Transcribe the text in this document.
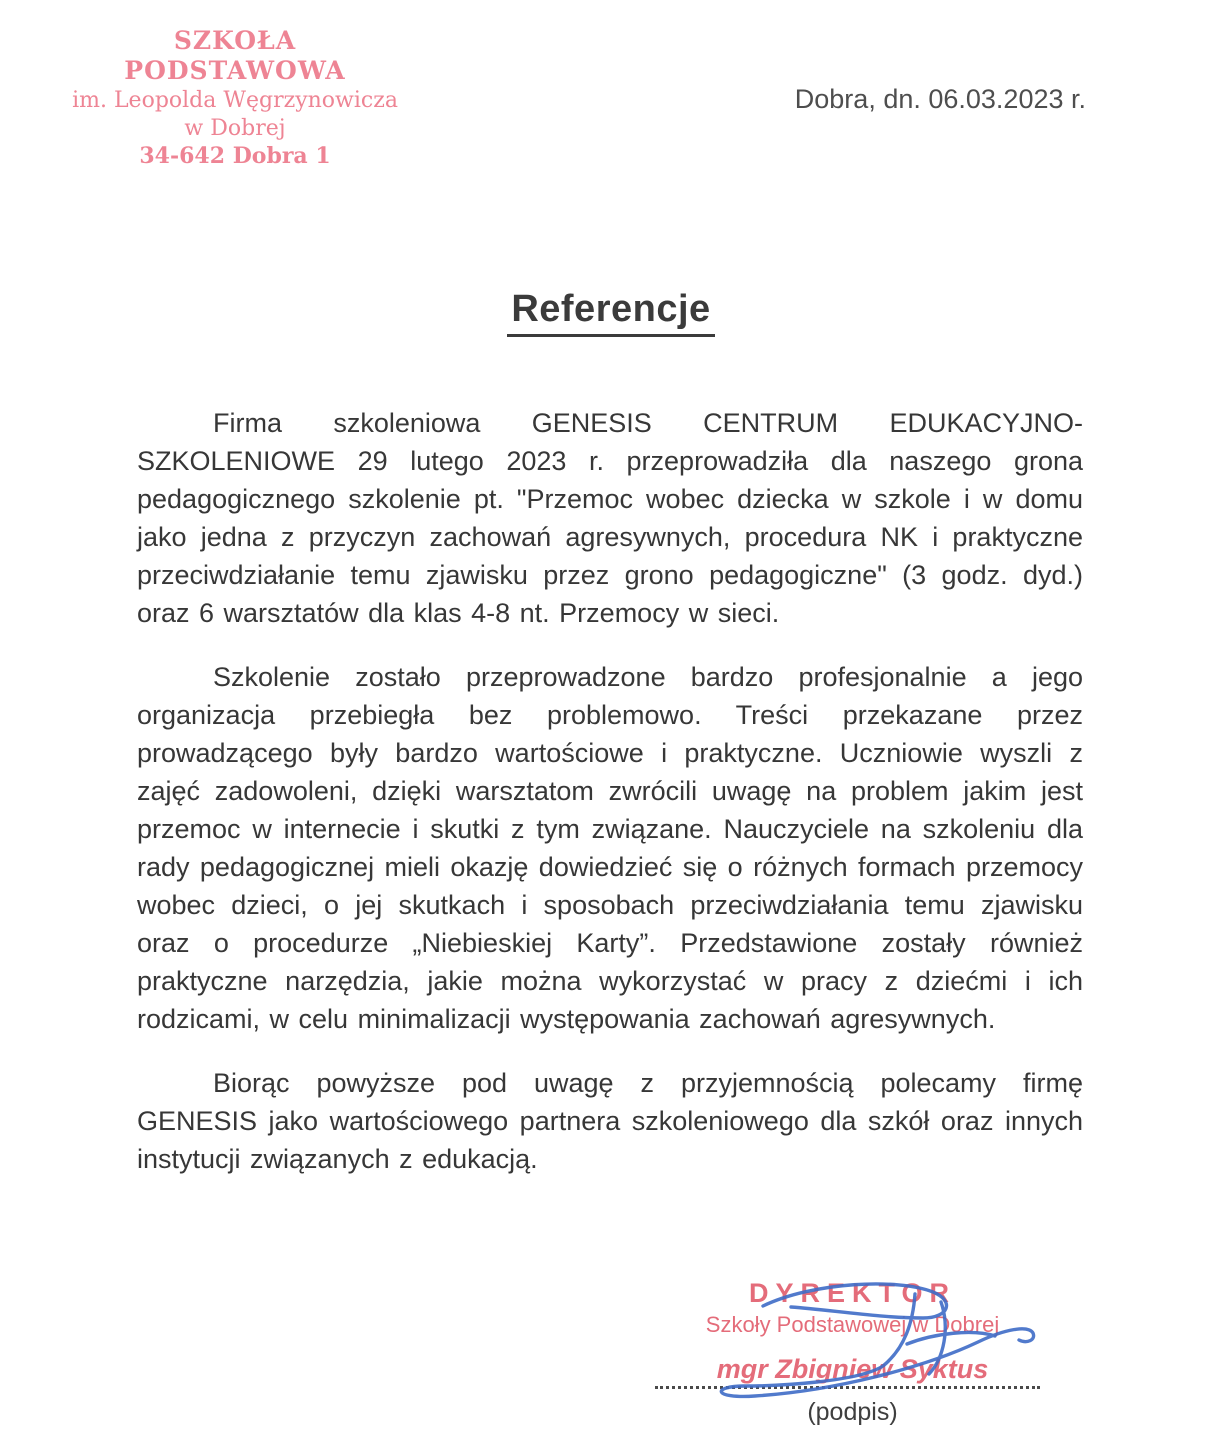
SZKOŁA PODSTAWOWA
im. Leopolda Węgrzynowicza
w Dobrej
34-642 Dobra 1
Dobra, dn. 06.03.2023 r.
Referencje

Firma szkoleniowa GENESIS CENTRUM EDUKACYJNO-SZKOLENIOWE 29 lutego 2023 r. przeprowadziła dla naszego grona pedagogicznego szkolenie pt. "Przemoc wobec dziecka w szkole i w domu jako jedna z przyczyn zachowań agresywnych, procedura NK i praktyczne przeciwdziałanie temu zjawisku przez grono pedagogiczne" (3 godz. dyd.) oraz 6 warsztatów dla klas 4-8 nt. Przemocy w sieci.

Szkolenie zostało przeprowadzone bardzo profesjonalnie a jego organizacja przebiegła bez problemowo. Treści przekazane przez prowadzącego były bardzo wartościowe i praktyczne. Uczniowie wyszli z zajęć zadowoleni, dzięki warsztatom zwrócili uwagę na problem jakim jest przemoc w internecie i skutki z tym związane. Nauczyciele na szkoleniu dla rady pedagogicznej mieli okazję dowiedzieć się o różnych formach przemocy wobec dzieci, o jej skutkach i sposobach przeciwdziałania temu zjawisku oraz o procedurze „Niebieskiej Karty”. Przedstawione zostały również praktyczne narzędzia, jakie można wykorzystać w pracy z dziećmi i ich rodzicami, w celu minimalizacji występowania zachowań agresywnych.

Biorąc powyższe pod uwagę z przyjemnością polecamy firmę GENESIS jako wartościowego partnera szkoleniowego dla szkół oraz innych instytucji związanych z edukacją.

DYREKTOR
Szkoły Podstawowej w Dobrej
mgr Zbigniew Syktus
(podpis)
